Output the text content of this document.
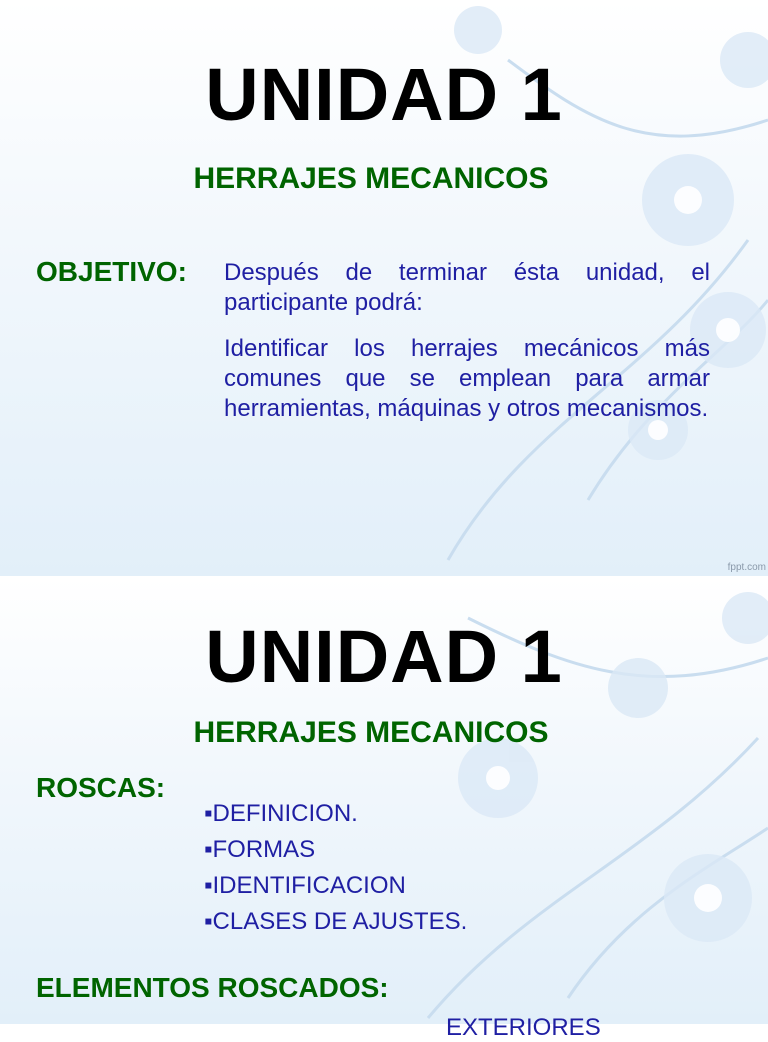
UNIDAD 1
HERRAJES MECANICOS
OBJETIVO: Después de terminar ésta unidad, el participante podrá:
Identificar los herrajes mecánicos más comunes que se emplean para armar herramientas, máquinas y otros mecanismos.
fppt.com
UNIDAD 1
HERRAJES MECANICOS
ROSCAS:
▪DEFINICION.
▪FORMAS
▪IDENTIFICACION
▪CLASES DE AJUSTES.
ELEMENTOS ROSCADOS:
EXTERIORES
